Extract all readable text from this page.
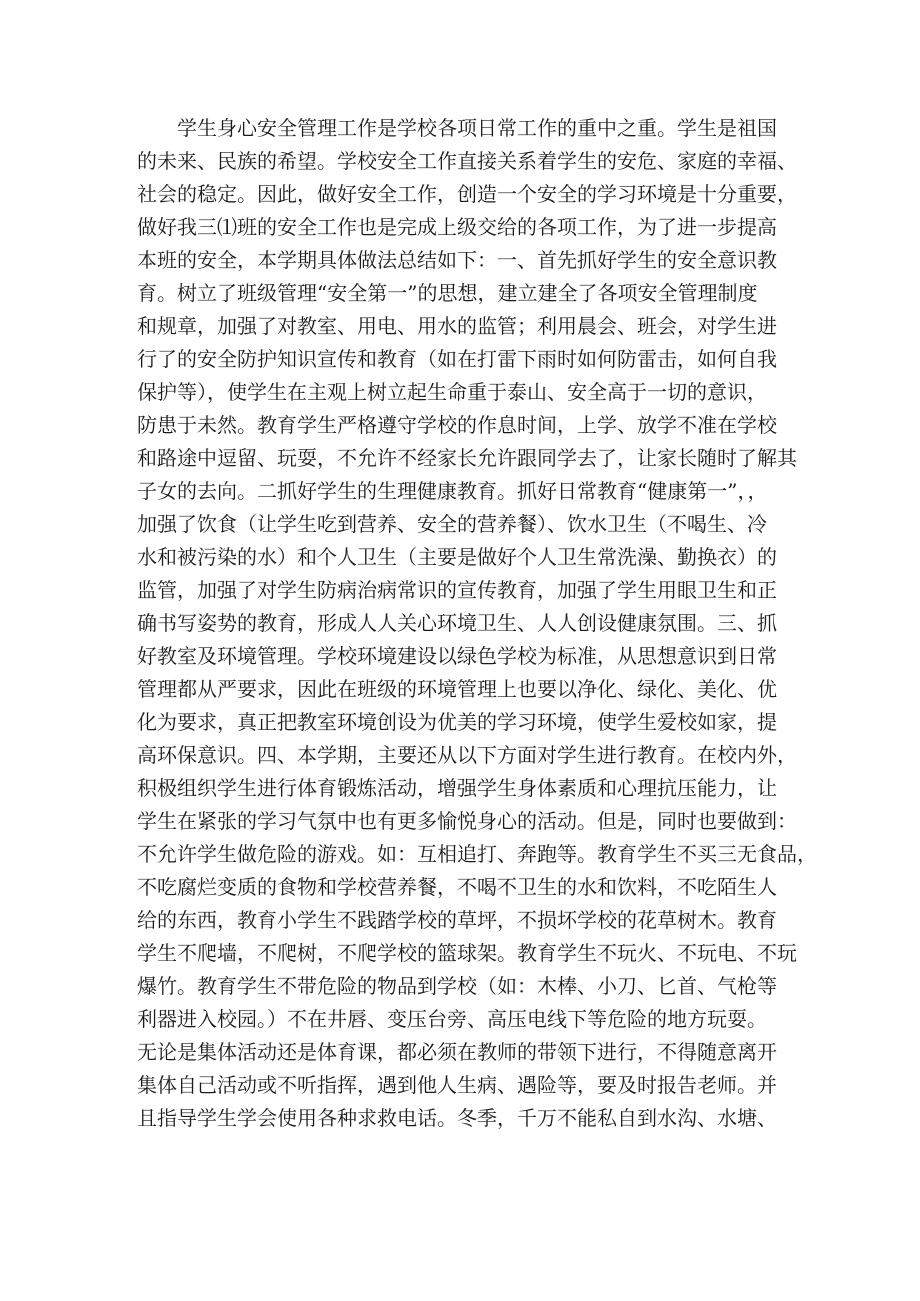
学生身心安全管理工作是学校各项日常工作的重中之重。学生是祖国
的未来、民族的希望。学校安全工作直接关系着学生的安危、家庭的幸福、
社会的稳定。因此，做好安全工作，创造一个安全的学习环境是十分重要，
做好我三⑴班的安全工作也是完成上级交给的各项工作，为了进一步提高
本班的安全，本学期具体做法总结如下：一、首先抓好学生的安全意识教
育。树立了班级管理“安全第一”的思想，建立建全了各项安全管理制度
和规章，加强了对教室、用电、用水的监管；利用晨会、班会，对学生进
行了的安全防护知识宣传和教育（如在打雷下雨时如何防雷击，如何自我
保护等），使学生在主观上树立起生命重于泰山、安全高于一切的意识，
防患于未然。教育学生严格遵守学校的作息时间，上学、放学不准在学校
和路途中逗留、玩耍，不允许不经家长允许跟同学去了，让家长随时了解其
子女的去向。二抓好学生的生理健康教育。抓好日常教育“健康第一”，，
加强了饮食（让学生吃到营养、安全的营养餐）、饮水卫生（不喝生、冷
水和被污染的水）和个人卫生（主要是做好个人卫生常洗澡、勤换衣）的
监管，加强了对学生防病治病常识的宣传教育，加强了学生用眼卫生和正
确书写姿势的教育，形成人人关心环境卫生、人人创设健康氛围。三、抓
好教室及环境管理。学校环境建设以绿色学校为标准，从思想意识到日常
管理都从严要求，因此在班级的环境管理上也要以净化、绿化、美化、优
化为要求，真正把教室环境创设为优美的学习环境，使学生爱校如家，提
高环保意识。四、本学期，主要还从以下方面对学生进行教育。在校内外，
积极组织学生进行体育锻炼活动，增强学生身体素质和心理抗压能力，让
学生在紧张的学习气氛中也有更多愉悦身心的活动。但是，同时也要做到：
不允许学生做危险的游戏。如：互相追打、奔跑等。教育学生不买三无食品，
不吃腐烂变质的食物和学校营养餐，不喝不卫生的水和饮料，不吃陌生人
给的东西，教育小学生不践踏学校的草坪，不损坏学校的花草树木。教育
学生不爬墙，不爬树，不爬学校的篮球架。教育学生不玩火、不玩电、不玩
爆竹。教育学生不带危险的物品到学校（如：木棒、小刀、匕首、气枪等
利器进入校园。）不在井唇、变压台旁、高压电线下等危险的地方玩耍。
无论是集体活动还是体育课，都必须在教师的带领下进行，不得随意离开
集体自己活动或不听指挥，遇到他人生病、遇险等，要及时报告老师。并
且指导学生学会使用各种求救电话。冬季，千万不能私自到水沟、水塘、
